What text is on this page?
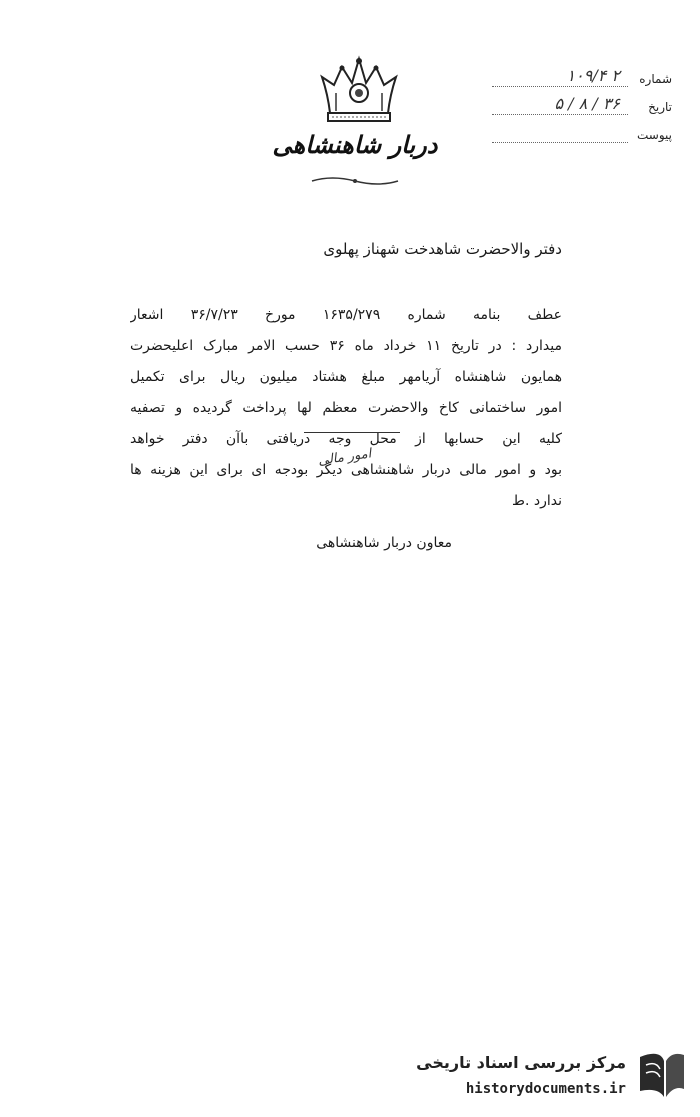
دربار شاهنشاهی
شماره
۱۰۹/۴ ۲
تاریخ
۵ / ۸ / ۳۶
پیوست
دفتر والاحضرت شاهدخت شهناز پهلوی
عطف بنامه شماره ۱۶۳۵/۲۷۹ مورخ ۳۶/۷/۲۳ اشعار
میدارد : در تاریخ ۱۱ خرداد ماه ۳۶ حسب الامر مبارک اعلیحضرت
همایون شاهنشاه آریامهر مبلغ هشتاد میلیون ریال برای تکمیل
امور ساختمانی کاخ والاحضرت معظم لها پرداخت گردیده و تصفیه
کلیه این حسابها از محل وجه دریافتی باآن دفتر خواهد
بود و امور مالی دربار شاهنشاهی دیگر بودجه ای برای این هزینه ها
ندارد .ط
امور مالی
معاون دربار شاهنشاهی
مرکز بررسی اسناد تاریخی
historydocuments.ir
